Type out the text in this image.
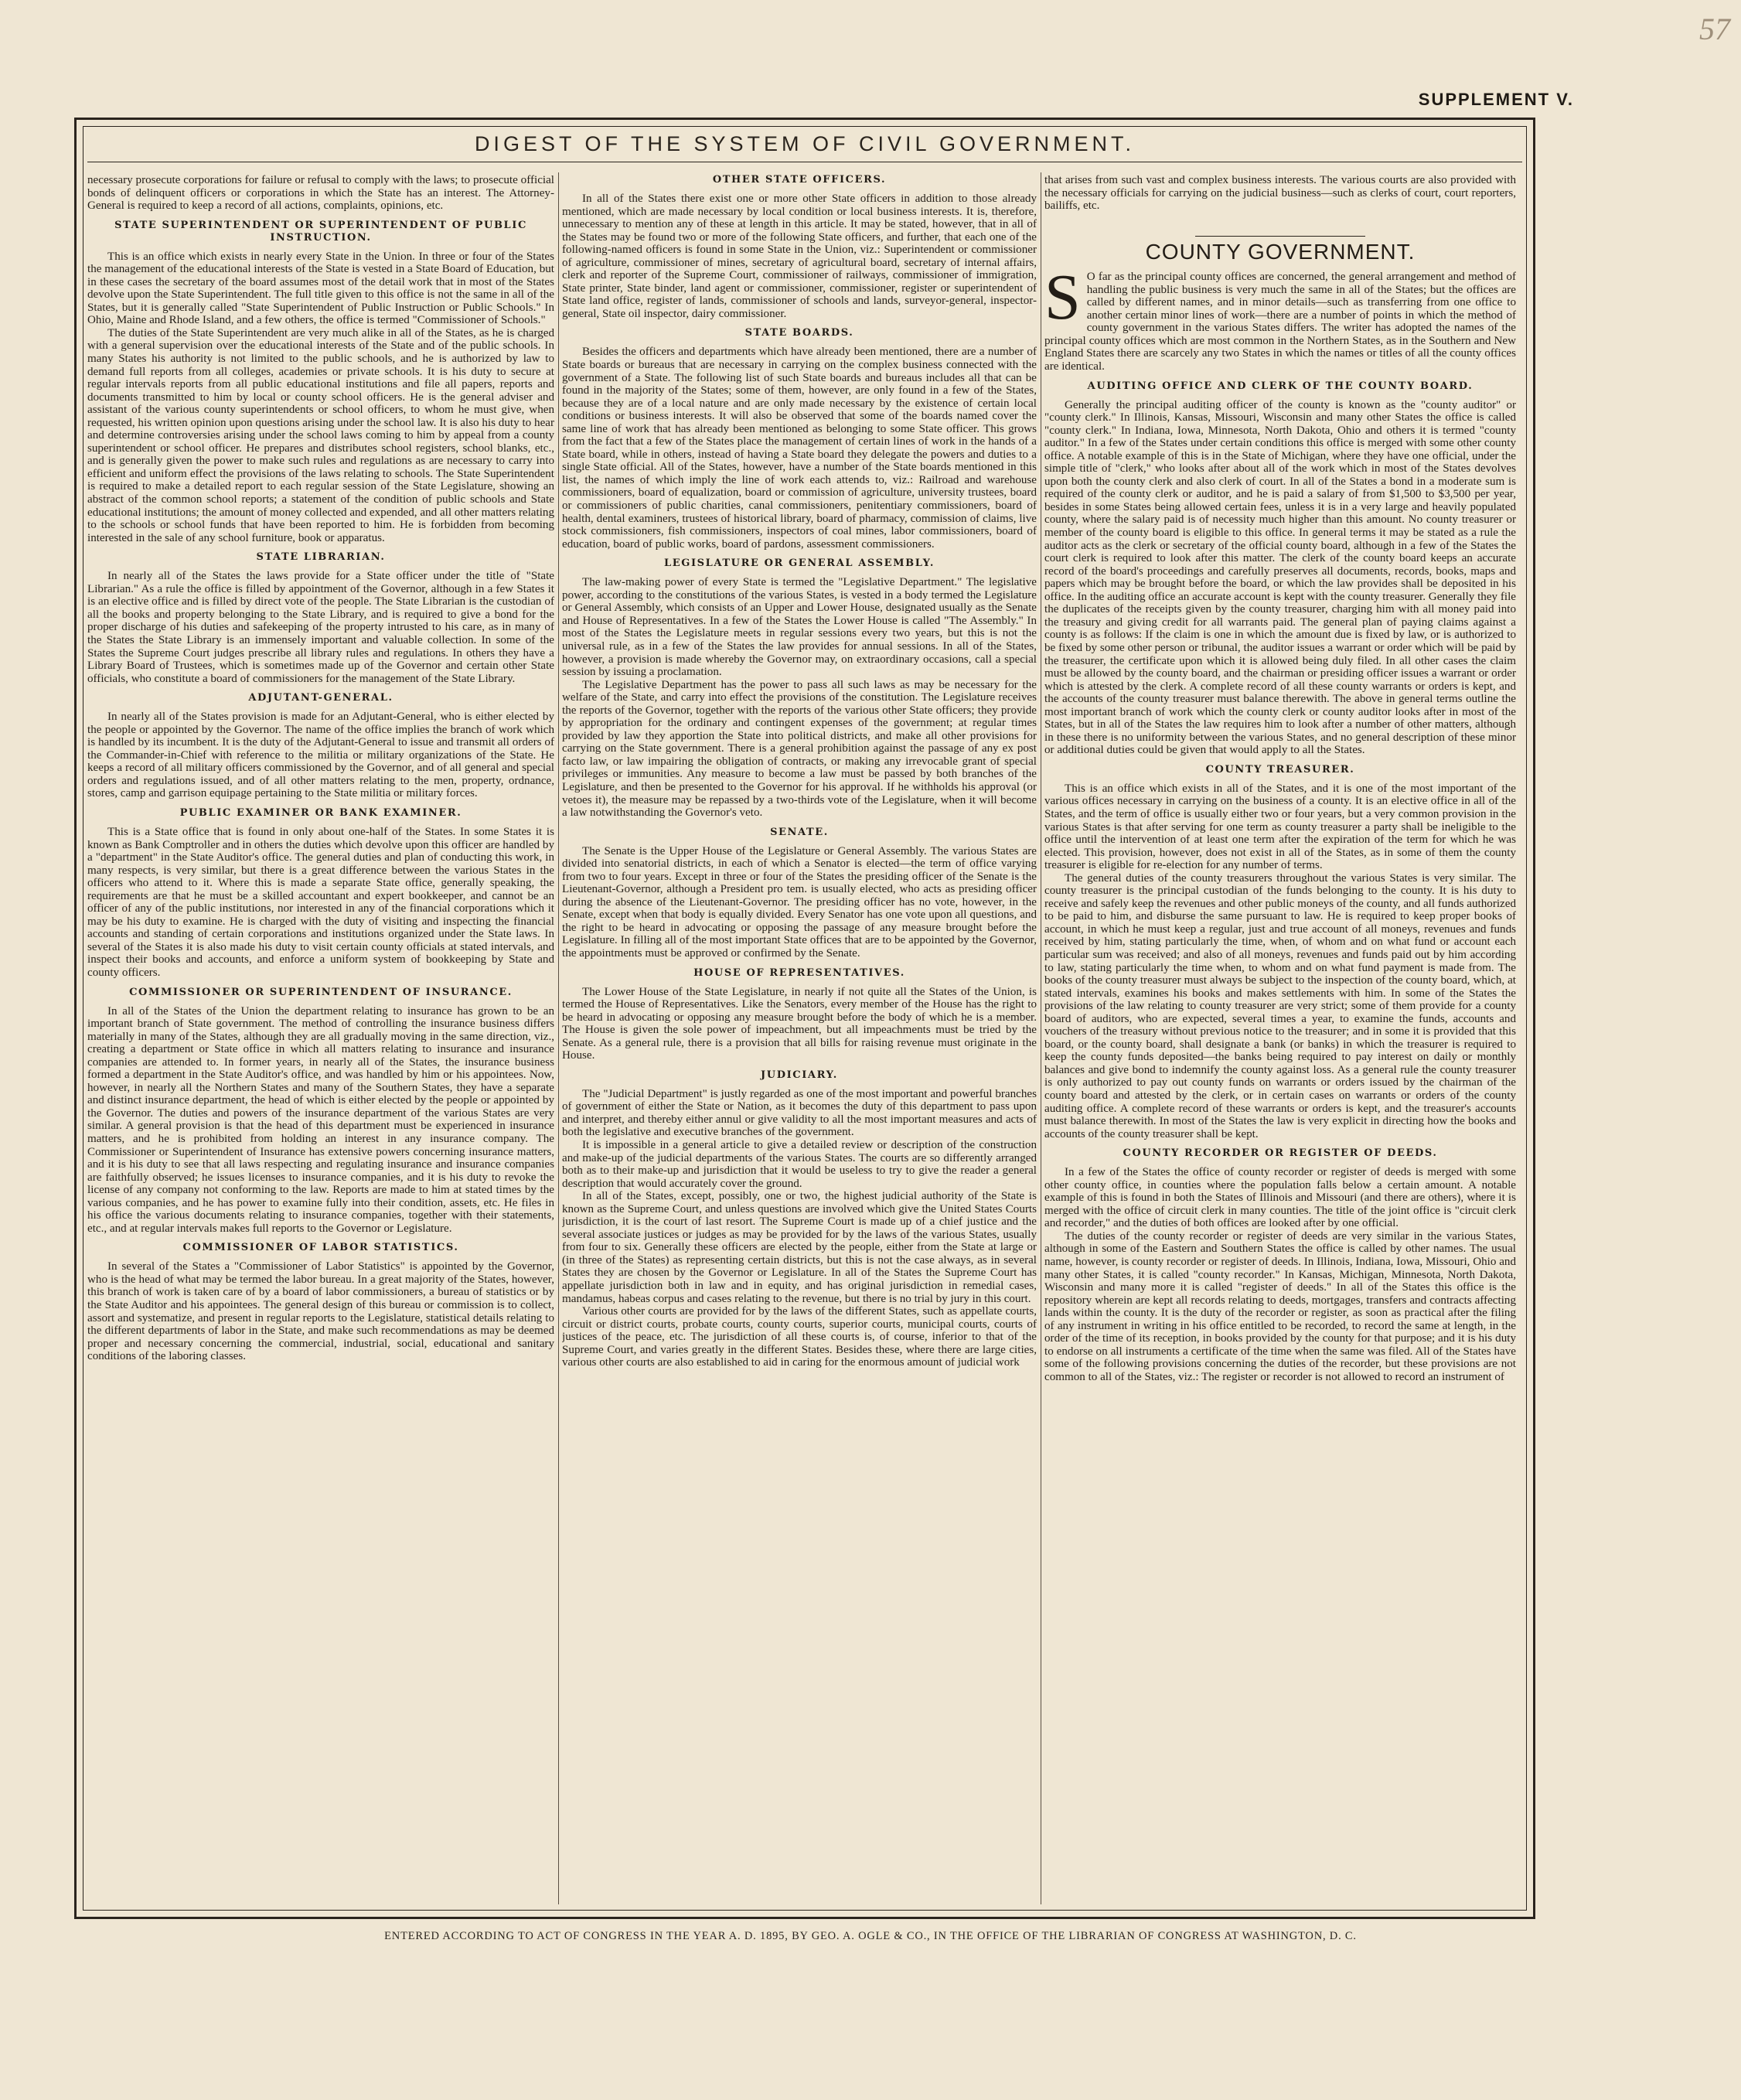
57
SUPPLEMENT V.
DIGEST OF THE SYSTEM OF CIVIL GOVERNMENT.

necessary prosecute corporations for failure or refusal to comply with the laws; to prosecute official bonds of delinquent officers or corporations in which the State has an interest. The Attorney-General is required to keep a record of all actions, complaints, opinions, etc.

STATE SUPERINTENDENT OR SUPERINTENDENT OF PUBLIC INSTRUCTION.

This is an office which exists in nearly every State in the Union. In three or four of the States the management of the educational interests of the State is vested in a State Board of Education, but in these cases the secretary of the board assumes most of the detail work that in most of the States devolve upon the State Superintendent. The full title given to this office is not the same in all of the States, but it is generally called "State Superintendent of Public Instruction or Public Schools." In Ohio, Maine and Rhode Island, and a few others, the office is termed "Commissioner of Schools."

The duties of the State Superintendent are very much alike in all of the States, as he is charged with a general supervision over the educational interests of the State and of the public schools. In many States his authority is not limited to the public schools, and he is authorized by law to demand full reports from all colleges, academies or private schools. It is his duty to secure at regular intervals reports from all public educational institutions and file all papers, reports and documents transmitted to him by local or county school officers. He is the general adviser and assistant of the various county superintendents or school officers, to whom he must give, when requested, his written opinion upon questions arising under the school law. It is also his duty to hear and determine controversies arising under the school laws coming to him by appeal from a county superintendent or school officer. He prepares and distributes school registers, school blanks, etc., and is generally given the power to make such rules and regulations as are necessary to carry into efficient and uniform effect the provisions of the laws relating to schools. The State Superintendent is required to make a detailed report to each regular session of the State Legislature, showing an abstract of the common school reports; a statement of the condition of public schools and State educational institutions; the amount of money collected and expended, and all other matters relating to the schools or school funds that have been reported to him. He is forbidden from becoming interested in the sale of any school furniture, book or apparatus.

STATE LIBRARIAN.

In nearly all of the States the laws provide for a State officer under the title of "State Librarian." As a rule the office is filled by appointment of the Governor, although in a few States it is an elective office and is filled by direct vote of the people. The State Librarian is the custodian of all the books and property belonging to the State Library, and is required to give a bond for the proper discharge of his duties and safekeeping of the property intrusted to his care, as in many of the States the State Library is an immensely important and valuable collection. In some of the States the Supreme Court judges prescribe all library rules and regulations. In others they have a Library Board of Trustees, which is sometimes made up of the Governor and certain other State officials, who constitute a board of commissioners for the management of the State Library.

ADJUTANT-GENERAL.

In nearly all of the States provision is made for an Adjutant-General, who is either elected by the people or appointed by the Governor. The name of the office implies the branch of work which is handled by its incumbent. It is the duty of the Adjutant-General to issue and transmit all orders of the Commander-in-Chief with reference to the militia or military organizations of the State. He keeps a record of all military officers commissioned by the Governor, and of all general and special orders and regulations issued, and of all other matters relating to the men, property, ordnance, stores, camp and garrison equipage pertaining to the State militia or military forces.

PUBLIC EXAMINER OR BANK EXAMINER.

This is a State office that is found in only about one-half of the States. In some States it is known as Bank Comptroller and in others the duties which devolve upon this officer are handled by a "department" in the State Auditor's office. The general duties and plan of conducting this work, in many respects, is very similar, but there is a great difference between the various States in the officers who attend to it. Where this is made a separate State office, generally speaking, the requirements are that he must be a skilled accountant and expert bookkeeper, and cannot be an officer of any of the public institutions, nor interested in any of the financial corporations which it may be his duty to examine. He is charged with the duty of visiting and inspecting the financial accounts and standing of certain corporations and institutions organized under the State laws. In several of the States it is also made his duty to visit certain county officials at stated intervals, and inspect their books and accounts, and enforce a uniform system of bookkeeping by State and county officers.

COMMISSIONER OR SUPERINTENDENT OF INSURANCE.

In all of the States of the Union the department relating to insurance has grown to be an important branch of State government. The method of controlling the insurance business differs materially in many of the States, although they are all gradually moving in the same direction, viz., creating a department or State office in which all matters relating to insurance and insurance companies are attended to. In former years, in nearly all of the States, the insurance business formed a department in the State Auditor's office, and was handled by him or his appointees. Now, however, in nearly all the Northern States and many of the Southern States, they have a separate and distinct insurance department, the head of which is either elected by the people or appointed by the Governor. The duties and powers of the insurance department of the various States are very similar. A general provision is that the head of this department must be experienced in insurance matters, and he is prohibited from holding an interest in any insurance company. The Commissioner or Superintendent of Insurance has extensive powers concerning insurance matters, and it is his duty to see that all laws respecting and regulating insurance and insurance companies are faithfully observed; he issues licenses to insurance companies, and it is his duty to revoke the license of any company not conforming to the law. Reports are made to him at stated times by the various companies, and he has power to examine fully into their condition, assets, etc. He files in his office the various documents relating to insurance companies, together with their statements, etc., and at regular intervals makes full reports to the Governor or Legislature.

COMMISSIONER OF LABOR STATISTICS.

In several of the States a "Commissioner of Labor Statistics" is appointed by the Governor, who is the head of what may be termed the labor bureau. In a great majority of the States, however, this branch of work is taken care of by a board of labor commissioners, a bureau of statistics or by the State Auditor and his appointees. The general design of this bureau or commission is to collect, assort and systematize, and present in regular reports to the Legislature, statistical details relating to the different departments of labor in the State, and make such recommendations as may be deemed proper and necessary concerning the commercial, industrial, social, educational and sanitary conditions of the laboring classes.

OTHER STATE OFFICERS.

In all of the States there exist one or more other State officers in addition to those already mentioned, which are made necessary by local condition or local business interests. It is, therefore, unnecessary to mention any of these at length in this article. It may be stated, however, that in all of the States may be found two or more of the following State officers, and further, that each one of the following-named officers is found in some State in the Union, viz.: Superintendent or commissioner of agriculture, commissioner of mines, secretary of agricultural board, secretary of internal affairs, clerk and reporter of the Supreme Court, commissioner of railways, commissioner of immigration, State printer, State binder, land agent or commissioner, commissioner, register or superintendent of State land office, register of lands, commissioner of schools and lands, surveyor-general, inspector-general, State oil inspector, dairy commissioner.

STATE BOARDS.

Besides the officers and departments which have already been mentioned, there are a number of State boards or bureaus that are necessary in carrying on the complex business connected with the government of a State. The following list of such State boards and bureaus includes all that can be found in the majority of the States; some of them, however, are only found in a few of the States, because they are of a local nature and are only made necessary by the existence of certain local conditions or business interests. It will also be observed that some of the boards named cover the same line of work that has already been mentioned as belonging to some State officer. This grows from the fact that a few of the States place the management of certain lines of work in the hands of a State board, while in others, instead of having a State board they delegate the powers and duties to a single State official. All of the States, however, have a number of the State boards mentioned in this list, the names of which imply the line of work each attends to, viz.: Railroad and warehouse commissioners, board of equalization, board or commission of agriculture, university trustees, board or commissioners of public charities, canal commissioners, penitentiary commissioners, board of health, dental examiners, trustees of historical library, board of pharmacy, commission of claims, live stock commissioners, fish commissioners, inspectors of coal mines, labor commissioners, board of education, board of public works, board of pardons, assessment commissioners.

LEGISLATURE OR GENERAL ASSEMBLY.

The law-making power of every State is termed the "Legislative Department." The legislative power, according to the constitutions of the various States, is vested in a body termed the Legislature or General Assembly, which consists of an Upper and Lower House, designated usually as the Senate and House of Representatives. In a few of the States the Lower House is called "The Assembly." In most of the States the Legislature meets in regular sessions every two years, but this is not the universal rule, as in a few of the States the law provides for annual sessions. In all of the States, however, a provision is made whereby the Governor may, on extraordinary occasions, call a special session by issuing a proclamation.

The Legislative Department has the power to pass all such laws as may be necessary for the welfare of the State, and carry into effect the provisions of the constitution. The Legislature receives the reports of the Governor, together with the reports of the various other State officers; they provide by appropriation for the ordinary and contingent expenses of the government; at regular times provided by law they apportion the State into political districts, and make all other provisions for carrying on the State government. There is a general prohibition against the passage of any ex post facto law, or law impairing the obligation of contracts, or making any irrevocable grant of special privileges or immunities. Any measure to become a law must be passed by both branches of the Legislature, and then be presented to the Governor for his approval. If he withholds his approval (or vetoes it), the measure may be repassed by a two-thirds vote of the Legislature, when it will become a law notwithstanding the Governor's veto.

SENATE.

The Senate is the Upper House of the Legislature or General Assembly. The various States are divided into senatorial districts, in each of which a Senator is elected—the term of office varying from two to four years. Except in three or four of the States the presiding officer of the Senate is the Lieutenant-Governor, although a President pro tem. is usually elected, who acts as presiding officer during the absence of the Lieutenant-Governor. The presiding officer has no vote, however, in the Senate, except when that body is equally divided. Every Senator has one vote upon all questions, and the right to be heard in advocating or opposing the passage of any measure brought before the Legislature. In filling all of the most important State offices that are to be appointed by the Governor, the appointments must be approved or confirmed by the Senate.

HOUSE OF REPRESENTATIVES.

The Lower House of the State Legislature, in nearly if not quite all the States of the Union, is termed the House of Representatives. Like the Senators, every member of the House has the right to be heard in advocating or opposing any measure brought before the body of which he is a member. The House is given the sole power of impeachment, but all impeachments must be tried by the Senate. As a general rule, there is a provision that all bills for raising revenue must originate in the House.

JUDICIARY.

The "Judicial Department" is justly regarded as one of the most important and powerful branches of government of either the State or Nation, as it becomes the duty of this department to pass upon and interpret, and thereby either annul or give validity to all the most important measures and acts of both the legislative and executive branches of the government.

It is impossible in a general article to give a detailed review or description of the construction and make-up of the judicial departments of the various States. The courts are so differently arranged both as to their make-up and jurisdiction that it would be useless to try to give the reader a general description that would accurately cover the ground.

In all of the States, except, possibly, one or two, the highest judicial authority of the State is known as the Supreme Court, and unless questions are involved which give the United States Courts jurisdiction, it is the court of last resort. The Supreme Court is made up of a chief justice and the several associate justices or judges as may be provided for by the laws of the various States, usually from four to six. Generally these officers are elected by the people, either from the State at large or (in three of the States) as representing certain districts, but this is not the case always, as in several States they are chosen by the Governor or Legislature. In all of the States the Supreme Court has appellate jurisdiction both in law and in equity, and has original jurisdiction in remedial cases, mandamus, habeas corpus and cases relating to the revenue, but there is no trial by jury in this court.

Various other courts are provided for by the laws of the different States, such as appellate courts, circuit or district courts, probate courts, county courts, superior courts, municipal courts, courts of justices of the peace, etc. The jurisdiction of all these courts is, of course, inferior to that of the Supreme Court, and varies greatly in the different States. Besides these, where there are large cities, various other courts are also established to aid in caring for the enormous amount of judicial work

that arises from such vast and complex business interests. The various courts are also provided with the necessary officials for carrying on the judicial business—such as clerks of court, court reporters, bailiffs, etc.

COUNTY GOVERNMENT.

S O far as the principal county offices are concerned, the general arrangement and method of handling the public business is very much the same in all of the States; but the offices are called by different names, and in minor details—such as transferring from one office to another certain minor lines of work—there are a number of points in which the method of county government in the various States differs. The writer has adopted the names of the principal county offices which are most common in the Northern States, as in the Southern and New England States there are scarcely any two States in which the names or titles of all the county offices are identical.

AUDITING OFFICE AND CLERK OF THE COUNTY BOARD.

Generally the principal auditing officer of the county is known as the "county auditor" or "county clerk." In Illinois, Kansas, Missouri, Wisconsin and many other States the office is called "county clerk." In Indiana, Iowa, Minnesota, North Dakota, Ohio and others it is termed "county auditor." In a few of the States under certain conditions this office is merged with some other county office. A notable example of this is in the State of Michigan, where they have one official, under the simple title of "clerk," who looks after about all of the work which in most of the States devolves upon both the county clerk and also clerk of court. In all of the States a bond in a moderate sum is required of the county clerk or auditor, and he is paid a salary of from $1,500 to $3,500 per year, besides in some States being allowed certain fees, unless it is in a very large and heavily populated county, where the salary paid is of necessity much higher than this amount. No county treasurer or member of the county board is eligible to this office. In general terms it may be stated as a rule the auditor acts as the clerk or secretary of the official county board, although in a few of the States the court clerk is required to look after this matter. The clerk of the county board keeps an accurate record of the board's proceedings and carefully preserves all documents, records, books, maps and papers which may be brought before the board, or which the law provides shall be deposited in his office. In the auditing office an accurate account is kept with the county treasurer. Generally they file the duplicates of the receipts given by the county treasurer, charging him with all money paid into the treasury and giving credit for all warrants paid. The general plan of paying claims against a county is as follows: If the claim is one in which the amount due is fixed by law, or is authorized to be fixed by some other person or tribunal, the auditor issues a warrant or order which will be paid by the treasurer, the certificate upon which it is allowed being duly filed. In all other cases the claim must be allowed by the county board, and the chairman or presiding officer issues a warrant or order which is attested by the clerk. A complete record of all these county warrants or orders is kept, and the accounts of the county treasurer must balance therewith. The above in general terms outline the most important branch of work which the county clerk or county auditor looks after in most of the States, but in all of the States the law requires him to look after a number of other matters, although in these there is no uniformity between the various States, and no general description of these minor or additional duties could be given that would apply to all the States.

COUNTY TREASURER.

This is an office which exists in all of the States, and it is one of the most important of the various offices necessary in carrying on the business of a county. It is an elective office in all of the States, and the term of office is usually either two or four years, but a very common provision in the various States is that after serving for one term as county treasurer a party shall be ineligible to the office until the intervention of at least one term after the expiration of the term for which he was elected. This provision, however, does not exist in all of the States, as in some of them the county treasurer is eligible for re-election for any number of terms.

The general duties of the county treasurers throughout the various States is very similar. The county treasurer is the principal custodian of the funds belonging to the county. It is his duty to receive and safely keep the revenues and other public moneys of the county, and all funds authorized to be paid to him, and disburse the same pursuant to law. He is required to keep proper books of account, in which he must keep a regular, just and true account of all moneys, revenues and funds received by him, stating particularly the time, when, of whom and on what fund or account each particular sum was received; and also of all moneys, revenues and funds paid out by him according to law, stating particularly the time when, to whom and on what fund payment is made from. The books of the county treasurer must always be subject to the inspection of the county board, which, at stated intervals, examines his books and makes settlements with him. In some of the States the provisions of the law relating to county treasurer are very strict; some of them provide for a county board of auditors, who are expected, several times a year, to examine the funds, accounts and vouchers of the treasury without previous notice to the treasurer; and in some it is provided that this board, or the county board, shall designate a bank (or banks) in which the treasurer is required to keep the county funds deposited—the banks being required to pay interest on daily or monthly balances and give bond to indemnify the county against loss. As a general rule the county treasurer is only authorized to pay out county funds on warrants or orders issued by the chairman of the county board and attested by the clerk, or in certain cases on warrants or orders of the county auditing office. A complete record of these warrants or orders is kept, and the treasurer's accounts must balance therewith. In most of the States the law is very explicit in directing how the books and accounts of the county treasurer shall be kept.

COUNTY RECORDER OR REGISTER OF DEEDS.

In a few of the States the office of county recorder or register of deeds is merged with some other county office, in counties where the population falls below a certain amount. A notable example of this is found in both the States of Illinois and Missouri (and there are others), where it is merged with the office of circuit clerk in many counties. The title of the joint office is "circuit clerk and recorder," and the duties of both offices are looked after by one official.

The duties of the county recorder or register of deeds are very similar in the various States, although in some of the Eastern and Southern States the office is called by other names. The usual name, however, is county recorder or register of deeds. In Illinois, Indiana, Iowa, Missouri, Ohio and many other States, it is called "county recorder." In Kansas, Michigan, Minnesota, North Dakota, Wisconsin and many more it is called "register of deeds." In all of the States this office is the repository wherein are kept all records relating to deeds, mortgages, transfers and contracts affecting lands within the county. It is the duty of the recorder or register, as soon as practical after the filing of any instrument in writing in his office entitled to be recorded, to record the same at length, in the order of the time of its reception, in books provided by the county for that purpose; and it is his duty to endorse on all instruments a certificate of the time when the same was filed. All of the States have some of the following provisions concerning the duties of the recorder, but these provisions are not common to all of the States, viz.: The register or recorder is not allowed to record an instrument of

ENTERED ACCORDING TO ACT OF CONGRESS IN THE YEAR A. D. 1895, BY GEO. A. OGLE & CO., IN THE OFFICE OF THE LIBRARIAN OF CONGRESS AT WASHINGTON, D. C.
